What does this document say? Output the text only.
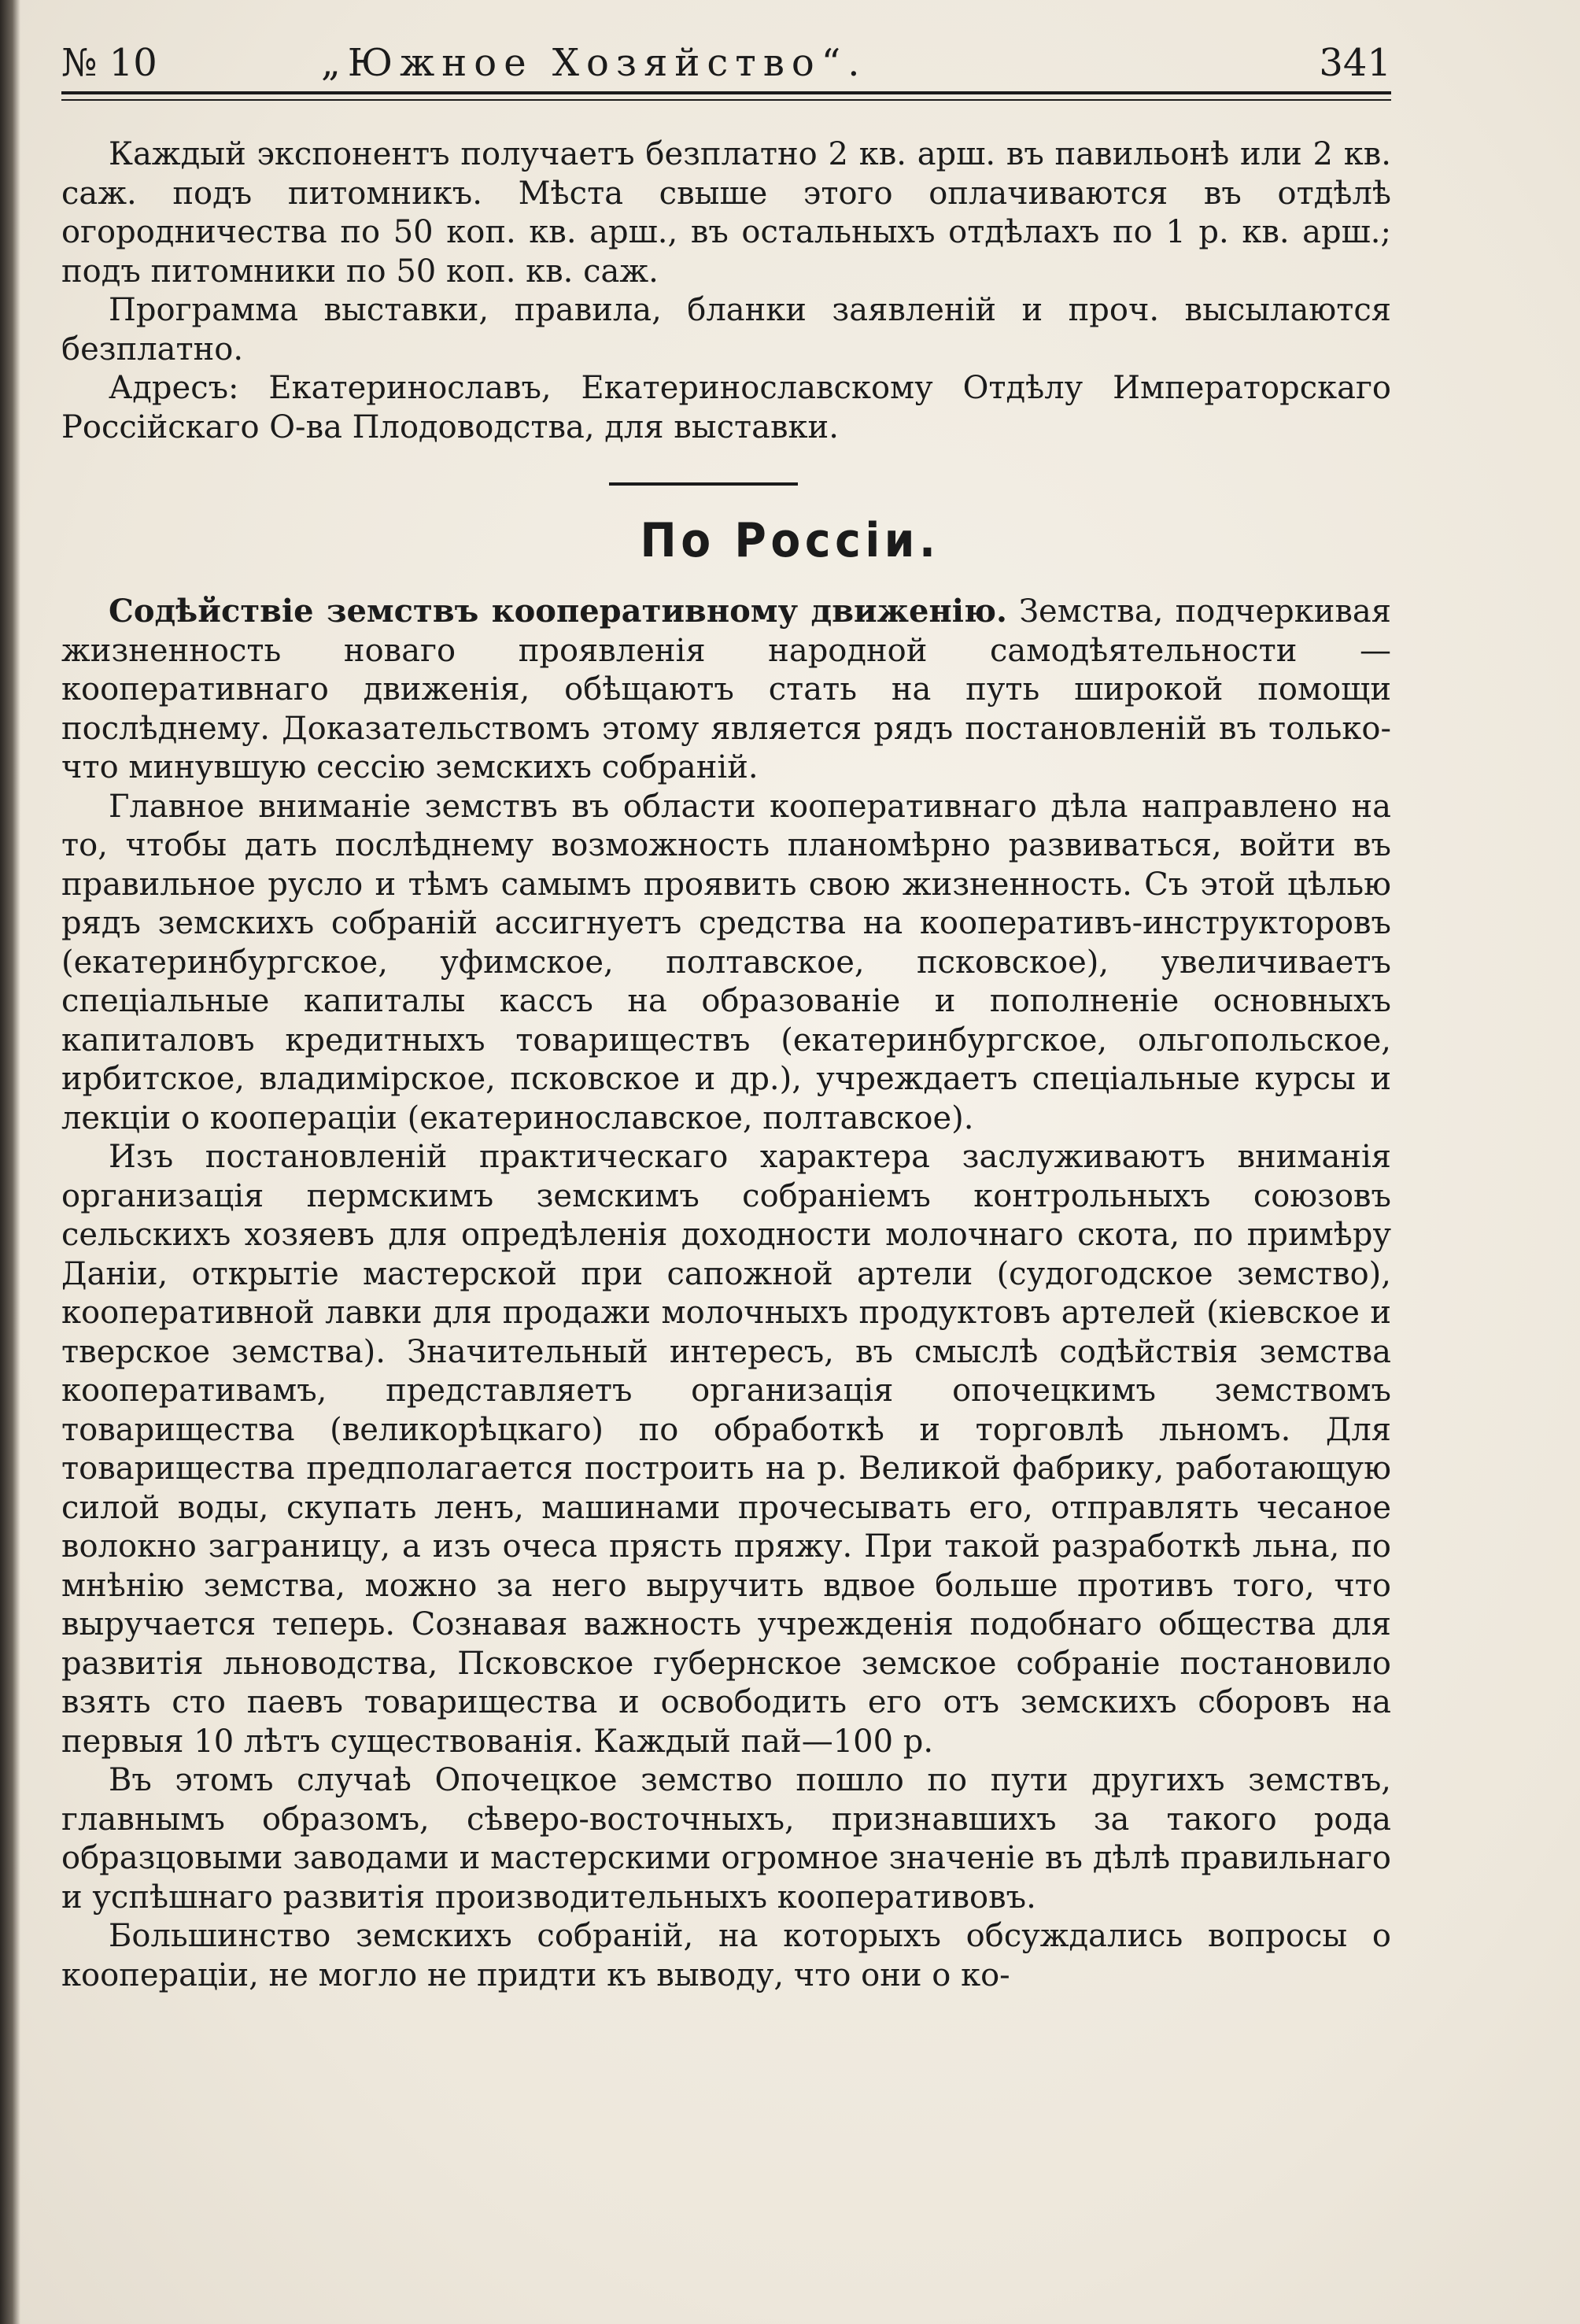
№ 10	„Южное Хозяйство“.	341

Каждый экспонентъ получаетъ безплатно 2 кв. арш. въ павильонѣ или 2 кв. саж. подъ питомникъ. Мѣста свыше этого оплачиваются въ отдѣлѣ огородничества по 50 коп. кв. арш., въ остальныхъ отдѣлахъ по 1 р. кв. арш.; подъ питомники по 50 коп. кв. саж.

Программа выставки, правила, бланки заявленій и проч. высылаются безплатно.

Адресъ: Екатеринославъ, Екатеринославскому Отдѣлу Императорскаго Россійскаго О-ва Плодоводства, для выставки.

По Россіи.

Содѣйствіе земствъ кооперативному движенію. Земства, подчеркивая жизненность новаго проявленія народной самодѣятельности —кооперативнаго движенія, обѣщаютъ стать на путь широкой помощи послѣднему. Доказательствомъ этому является рядъ постановленій въ только-что минувшую сессію земскихъ собраній.

Главное вниманіе земствъ въ области кооперативнаго дѣла направлено на то, чтобы дать послѣднему возможность планомѣрно развиваться, войти въ правильное русло и тѣмъ самымъ проявить свою жизненность. Съ этой цѣлью рядъ земскихъ собраній ассигнуетъ средства на кооперативъ-инструкторовъ (екатеринбургское, уфимское, полтавское, псковское), увеличиваетъ спеціальные капиталы кассъ на образованіе и пополненіе основныхъ капиталовъ кредитныхъ товариществъ (екатеринбургское, ольгопольское, ирбитское, владимірское, псковское и др.), учреждаетъ спеціальные курсы и лекціи о коопераціи (екатеринославское, полтавское).

Изъ постановленій практическаго характера заслуживаютъ вниманія организація пермскимъ земскимъ собраніемъ контрольныхъ союзовъ сельскихъ хозяевъ для опредѣленія доходности молочнаго скота, по примѣру Даніи, открытіе мастерской при сапожной артели (судогодское земство), кооперативной лавки для продажи молочныхъ продуктовъ артелей (кіевское и тверское земства). Значительный интересъ, въ смыслѣ содѣйствія земства кооперативамъ, представляетъ организація опочецкимъ земствомъ товарищества (великорѣцкаго) по обработкѣ и торговлѣ льномъ. Для товарищества предполагается построить на р. Великой фабрику, работающую силой воды, скупать ленъ, машинами прочесывать его, отправлять чесаное волокно заграницу, а изъ очеса прясть пряжу. При такой разработкѣ льна, по мнѣнію земства, можно за него выручить вдвое больше противъ того, что выручается теперь. Сознавая важность учрежденія подобнаго общества для развитія льноводства, Псковское губернское земское собраніе постановило взять сто паевъ товарищества и освободить его отъ земскихъ сборовъ на первыя 10 лѣтъ существованія. Каждый пай—100 р.

Въ этомъ случаѣ Опочецкое земство пошло по пути другихъ земствъ, главнымъ образомъ, сѣверо-восточныхъ, признавшихъ за такого рода образцовыми заводами и мастерскими огромное значеніе въ дѣлѣ правильнаго и успѣшнаго развитія производительныхъ кооперативовъ.

Большинство земскихъ собраній, на которыхъ обсуждались вопросы о коопераціи, не могло не придти къ выводу, что они о ко-
